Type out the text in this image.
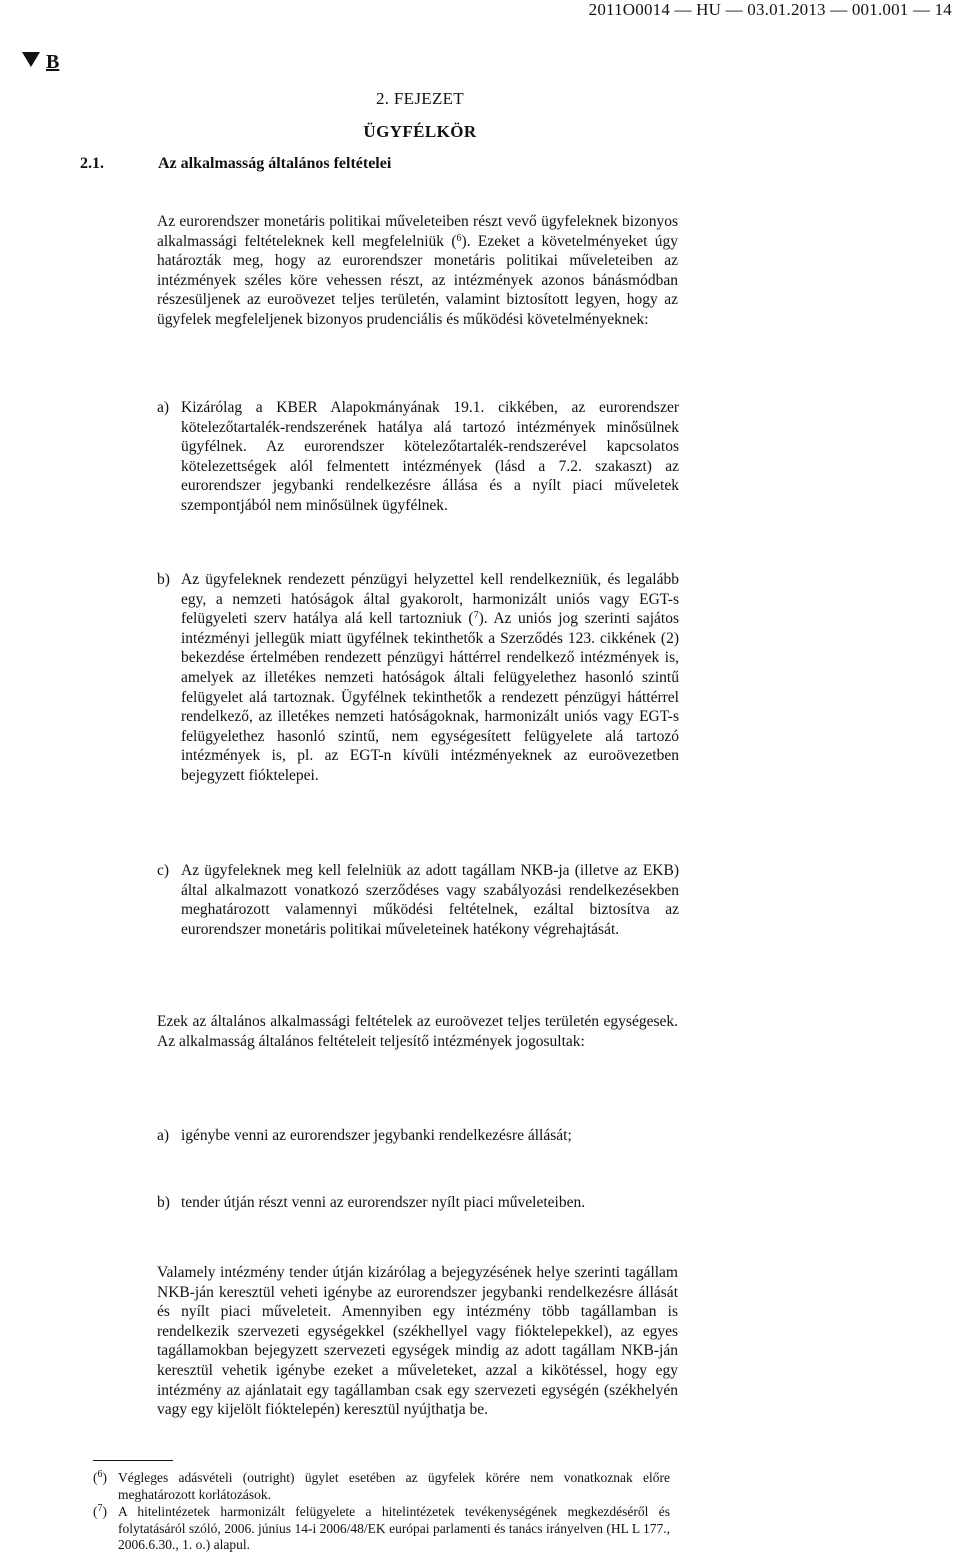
2011O0014 — HU — 03.01.2013 — 001.001 — 14
B
2. FEJEZET
ÜGYFÉLKÖR
2.1.	Az alkalmasság általános feltételei

Az eurorendszer monetáris politikai műveleteiben részt vevő ügyfeleknek bizonyos alkalmassági feltételeknek kell megfelelniük ($^6$). Ezeket a követelményeket úgy határozták meg, hogy az eurorendszer monetáris politikai műveleteiben az intézmények széles köre vehessen részt, az intézmények azonos bánásmódban részesüljenek az euroövezet teljes területén, valamint biztosított legyen, hogy az ügyfelek megfeleljenek bizonyos prudenciális és működési követelményeknek:

a) Kizárólag a KBER Alapokmányának 19.1. cikkében, az eurorendszer kötelezőtartalék-rendszerének hatálya alá tartozó intézmények minősülnek ügyfélnek. Az eurorendszer kötelezőtartalék-rendszerével kapcsolatos kötelezettségek alól felmentett intézmények (lásd a 7.2. szakaszt) az eurorendszer jegybanki rendelkezésre állása és a nyílt piaci műveletek szempontjából nem minősülnek ügyfélnek.
b) Az ügyfeleknek rendezett pénzügyi helyzettel kell rendelkezniük, és legalább egy, a nemzeti hatóságok által gyakorolt, harmonizált uniós vagy EGT-s felügyeleti szerv hatálya alá kell tartozniuk ($^7$). Az uniós jog szerinti sajátos intézményi jellegük miatt ügyfélnek tekinthetők a Szerződés 123. cikkének (2) bekezdése értelmében rendezett pénzügyi háttérrel rendelkező intézmények is, amelyek az illetékes nemzeti hatóságok általi felügyelethez hasonló szintű felügyelet alá tartoznak. Ügyfélnek tekinthetők a rendezett pénzügyi háttérrel rendelkező, az illetékes nemzeti hatóságoknak, harmonizált uniós vagy EGT-s felügyelethez hasonló szintű, nem egységesített felügyelete alá tartozó intézmények is, pl. az EGT-n kívüli intézményeknek az euroövezetben bejegyzett fióktelepei.
c) Az ügyfeleknek meg kell felelniük az adott tagállam NKB-ja (illetve az EKB) által alkalmazott vonatkozó szerződéses vagy szabályozási rendelkezésekben meghatározott valamennyi működési feltételnek, ezáltal biztosítva az eurorendszer monetáris politikai műveleteinek hatékony végrehajtását.

Ezek az általános alkalmassági feltételek az euroövezet teljes területén egységesek. Az alkalmasság általános feltételeit teljesítő intézmények jogosultak:

a) igénybe venni az eurorendszer jegybanki rendelkezésre állását;
b) tender útján részt venni az eurorendszer nyílt piaci műveleteiben.

Valamely intézmény tender útján kizárólag a bejegyzésének helye szerinti tagállam NKB-ján keresztül veheti igénybe az eurorendszer jegybanki rendelkezésre állását és nyílt piaci műveleteit. Amennyiben egy intézmény több tagállamban is rendelkezik szervezeti egységekkel (székhellyel vagy fióktelepekkel), az egyes tagállamokban bejegyzett szervezeti egységek mindig az adott tagállam NKB-ján keresztül vehetik igénybe ezeket a műveleteket, azzal a kikötéssel, hogy egy intézmény az ajánlatait egy tagállamban csak egy szervezeti egységén (székhelyén vagy egy kijelölt fióktelepén) keresztül nyújthatja be.

($^6$) Végleges adásvételi (outright) ügylet esetében az ügyfelek körére nem vonatkoznak előre meghatározott korlátozások.
($^7$) A hitelintézetek harmonizált felügyelete a hitelintézetek tevékenységének megkezdéséről és folytatásáról szóló, 2006. június 14-i 2006/48/EK európai parlamenti és tanács irányelven (HL L 177., 2006.6.30., 1. o.) alapul.
